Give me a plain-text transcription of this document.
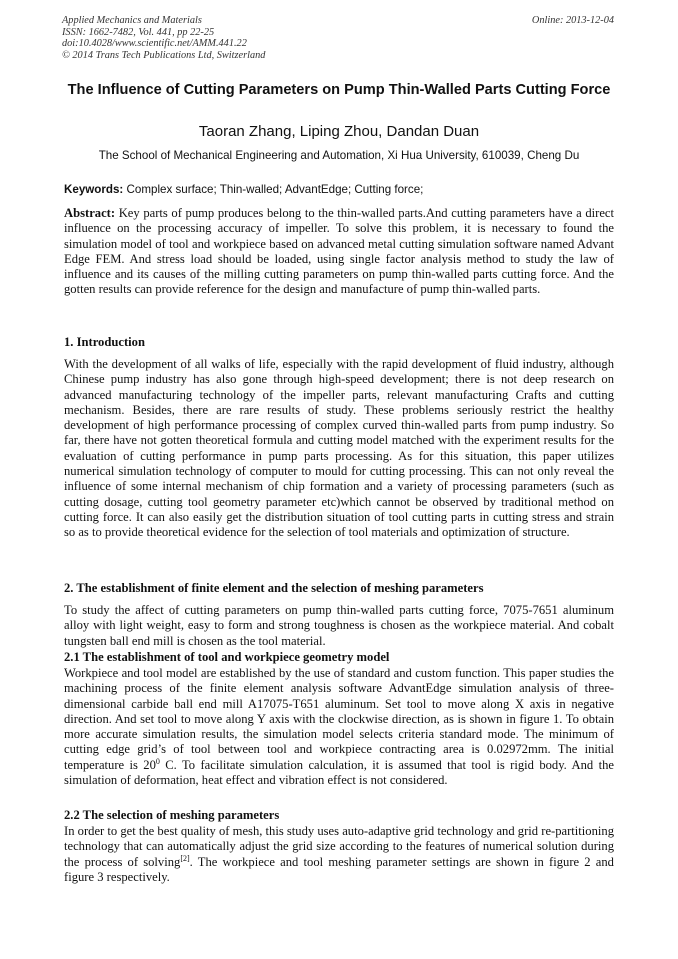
Applied Mechanics and Materials
ISSN: 1662-7482, Vol. 441, pp 22-25
doi:10.4028/www.scientific.net/AMM.441.22
© 2014 Trans Tech Publications Ltd, Switzerland
Online: 2013-12-04
The Influence of Cutting Parameters on Pump Thin-Walled Parts Cutting Force
Taoran Zhang, Liping Zhou, Dandan Duan
The School of Mechanical Engineering and Automation, Xi Hua University, 610039, Cheng Du
Keywords: Complex surface; Thin-walled; AdvantEdge; Cutting force;
Abstract: Key parts of pump produces belong to the thin-walled parts.And cutting parameters have a direct influence on the processing accuracy of impeller. To solve this problem, it is necessary to found the simulation model of tool and workpiece based on advanced metal cutting simulation software named Advant Edge FEM. And stress load should be loaded, using single factor analysis method to study the law of influence and its causes of the milling cutting parameters on pump thin-walled parts cutting force. And the gotten results can provide reference for the design and manufacture of pump thin-walled parts.
1. Introduction
With the development of all walks of life, especially with the rapid development of fluid industry, although Chinese pump industry has also gone through high-speed development; there is not deep research on advanced manufacturing technology of the impeller parts, relevant manufacturing Crafts and cutting mechanism. Besides, there are rare results of study. These problems seriously restrict the healthy development of high performance processing of complex curved thin-walled parts from pump industry. So far, there have not gotten theoretical formula and cutting model matched with the experiment results for the evaluation of cutting performance in pump parts processing. As for this situation, this paper utilizes numerical simulation technology of computer to mould for cutting processing. This can not only reveal the influence of some internal mechanism of chip formation and a variety of processing parameters (such as cutting dosage, cutting tool geometry parameter etc)which cannot be observed by traditional method on cutting force. It can also easily get the distribution situation of tool cutting parts in cutting stress and strain so as to provide theoretical evidence for the selection of tool materials and optimization of structure.
2. The establishment of finite element and the selection of meshing parameters
To study the affect of cutting parameters on pump thin-walled parts cutting force, 7075-7651 aluminum alloy with light weight, easy to form and strong toughness is chosen as the workpiece material. And cobalt tungsten ball end mill is chosen as the tool material.
2.1 The establishment of tool and workpiece geometry model
Workpiece and tool model are established by the use of standard and custom function. This paper studies the machining process of the finite element analysis software AdvantEdge simulation analysis of three-dimensional carbide ball end mill A17075-T651 aluminum. Set tool to move along X axis in negative direction. And set tool to move along Y axis with the clockwise direction, as is shown in figure 1. To obtain more accurate simulation results, the simulation model selects criteria standard mode. The minimum of cutting edge grid’s of tool between tool and workpiece contracting area is 0.02972mm. The initial temperature is $20^0$ C. To facilitate simulation calculation, it is assumed that tool is rigid body. And the simulation of deformation, heat effect and vibration effect is not considered.
2.2 The selection of meshing parameters
In order to get the best quality of mesh, this study uses auto-adaptive grid technology and grid re-partitioning technology that can automatically adjust the grid size according to the features of numerical solution during the process of solving[2]. The workpiece and tool meshing parameter settings are shown in figure 2 and figure 3 respectively.
